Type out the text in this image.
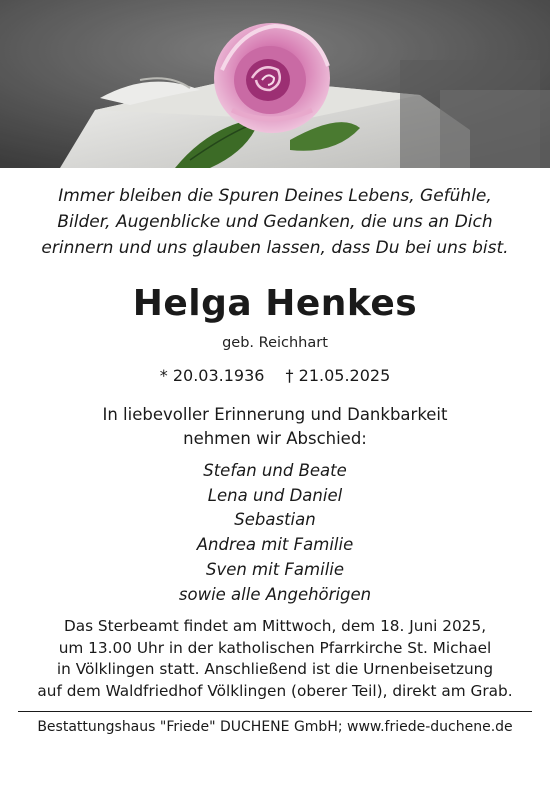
Immer bleiben die Spuren Deines Lebens, Gefühle,
Bilder, Augenblicke und Gedanken, die uns an Dich
erinnern und uns glauben lassen, dass Du bei uns bist.
Helga Henkes
geb. Reichhart
* 20.03.1936 † 21.05.2025
In liebevoller Erinnerung und Dankbarkeit
nehmen wir Abschied:
Stefan und Beate
Lena und Daniel
Sebastian
Andrea mit Familie
Sven mit Familie
sowie alle Angehörigen
Das Sterbeamt findet am Mittwoch, dem 18. Juni 2025,
um 13.00 Uhr in der katholischen Pfarrkirche St. Michael
in Völklingen statt. Anschließend ist die Urnenbeisetzung
auf dem Waldfriedhof Völklingen (oberer Teil), direkt am Grab.
Bestattungshaus "Friede" DUCHENE GmbH; www.friede-duchene.de
